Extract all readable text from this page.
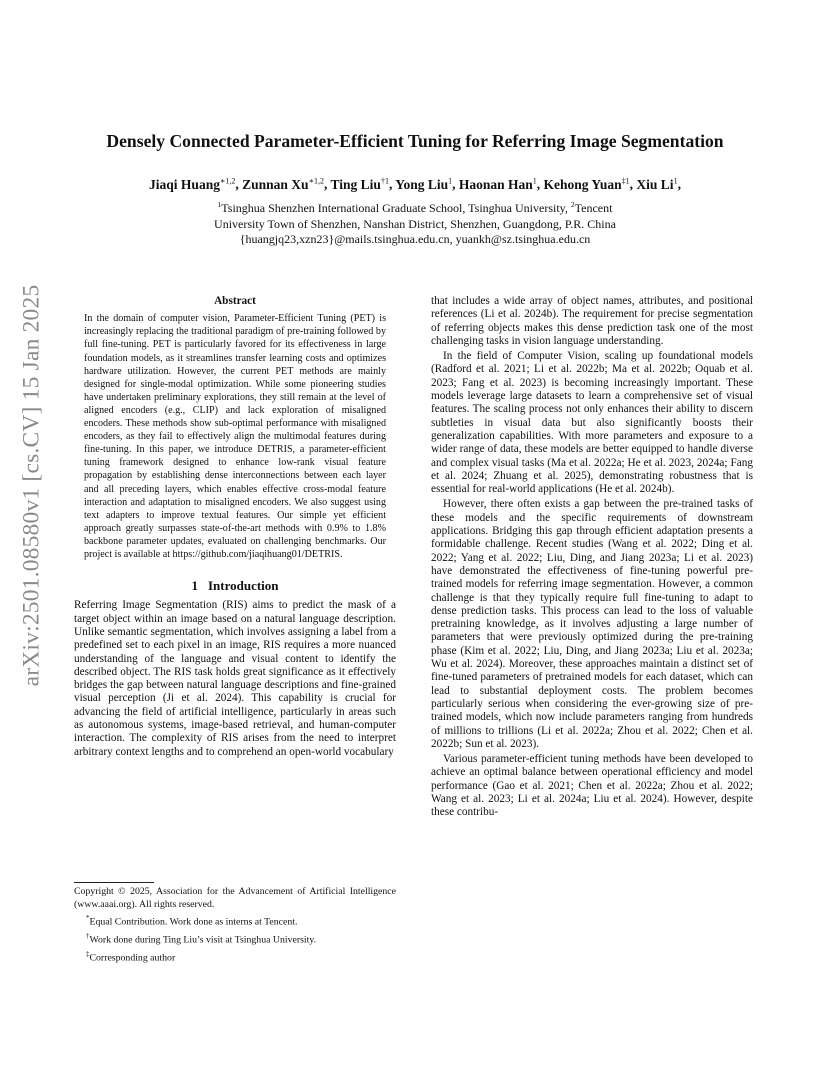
arXiv:2501.08580v1 [cs.CV] 15 Jan 2025
Densely Connected Parameter-Efficient Tuning for Referring Image Segmentation
Jiaqi Huang$^{∗1,2}$, Zunnan $Xu^{∗1,2}$, Ting Liu$^{\dagger 1}$, Yong Liu$^1$, Haonan Han$^1$, Kehong Yuan$^{\ddagger 1}$, Xiu Li$^1$,
$^1$Tsinghua Shenzhen International Graduate School, Tsinghua University, $^2$Tencent
University Town of Shenzhen, Nanshan District, Shenzhen, Guangdong, P.R. China
{huangjq23,xzn23}@mails.tsinghua.edu.cn, yuankh@sz.tsinghua.edu.cn
Abstract

In the domain of computer vision, Parameter-Efficient Tuning (PET) is increasingly replacing the traditional paradigm of pre-training followed by full fine-tuning. PET is particularly favored for its effectiveness in large foundation models, as it streamlines transfer learning costs and optimizes hardware utilization. However, the current PET methods are mainly designed for single-modal optimization. While some pioneering studies have undertaken preliminary explorations, they still remain at the level of aligned encoders (e.g., CLIP) and lack exploration of misaligned encoders. These methods show sub-optimal performance with misaligned encoders, as they fail to effectively align the multimodal features during fine-tuning. In this paper, we introduce DETRIS, a parameter-efficient tuning framework designed to enhance low-rank visual feature propagation by establishing dense interconnections between each layer and all preceding layers, which enables effective cross-modal feature interaction and adaptation to misaligned encoders. We also suggest using text adapters to improve textual features. Our simple yet efficient approach greatly surpasses state-of-the-art methods with 0.9% to 1.8% backbone parameter updates, evaluated on challenging benchmarks. Our project is available at https://github.com/jiaqihuang01/DETRIS.

1 Introduction

Referring Image Segmentation (RIS) aims to predict the mask of a target object within an image based on a natural language description. Unlike semantic segmentation, which involves assigning a label from a predefined set to each pixel in an image, RIS requires a more nuanced understanding of the language and visual content to identify the described object. The RIS task holds great significance as it effectively bridges the gap between natural language descriptions and fine-grained visual perception (Ji et al. 2024). This capability is crucial for advancing the field of artificial intelligence, particularly in areas such as autonomous systems, image-based retrieval, and human-computer interaction. The complexity of RIS arises from the need to interpret arbitrary context lengths and to comprehend an open-world vocabulary

Copyright © 2025, Association for the Advancement of Artificial Intelligence (www.aaai.org). All rights reserved.

*Equal Contribution. Work done as interns at Tencent.

†Work done during Ting Liu’s visit at Tsinghua University.

‡Corresponding author

that includes a wide array of object names, attributes, and positional references (Li et al. 2024b). The requirement for precise segmentation of referring objects makes this dense prediction task one of the most challenging tasks in vision language understanding.

In the field of Computer Vision, scaling up foundational models (Radford et al. 2021; Li et al. 2022b; Ma et al. 2022b; Oquab et al. 2023; Fang et al. 2023) is becoming increasingly important. These models leverage large datasets to learn a comprehensive set of visual features. The scaling process not only enhances their ability to discern subtleties in visual data but also significantly boosts their generalization capabilities. With more parameters and exposure to a wider range of data, these models are better equipped to handle diverse and complex visual tasks (Ma et al. 2022a; He et al. 2023, 2024a; Fang et al. 2024; Zhuang et al. 2025), demonstrating robustness that is essential for real-world applications (He et al. 2024b).

However, there often exists a gap between the pre-trained tasks of these models and the specific requirements of downstream applications. Bridging this gap through efficient adaptation presents a formidable challenge. Recent studies (Wang et al. 2022; Ding et al. 2022; Yang et al. 2022; Liu, Ding, and Jiang 2023a; Li et al. 2023) have demonstrated the effectiveness of fine-tuning powerful pre-trained models for referring image segmentation. However, a common challenge is that they typically require full fine-tuning to adapt to dense prediction tasks. This process can lead to the loss of valuable pretraining knowledge, as it involves adjusting a large number of parameters that were previously optimized during the pre-training phase (Kim et al. 2022; Liu, Ding, and Jiang 2023a; Liu et al. 2023a; Wu et al. 2024). Moreover, these approaches maintain a distinct set of fine-tuned parameters of pretrained models for each dataset, which can lead to substantial deployment costs. The problem becomes particularly serious when considering the ever-growing size of pre-trained models, which now include parameters ranging from hundreds of millions to trillions (Li et al. 2022a; Zhou et al. 2022; Chen et al. 2022b; Sun et al. 2023).

Various parameter-efficient tuning methods have been developed to achieve an optimal balance between operational efficiency and model performance (Gao et al. 2021; Chen et al. 2022a; Zhou et al. 2022; Wang et al. 2023; Li et al. 2024a; Liu et al. 2024). However, despite these contribu-
